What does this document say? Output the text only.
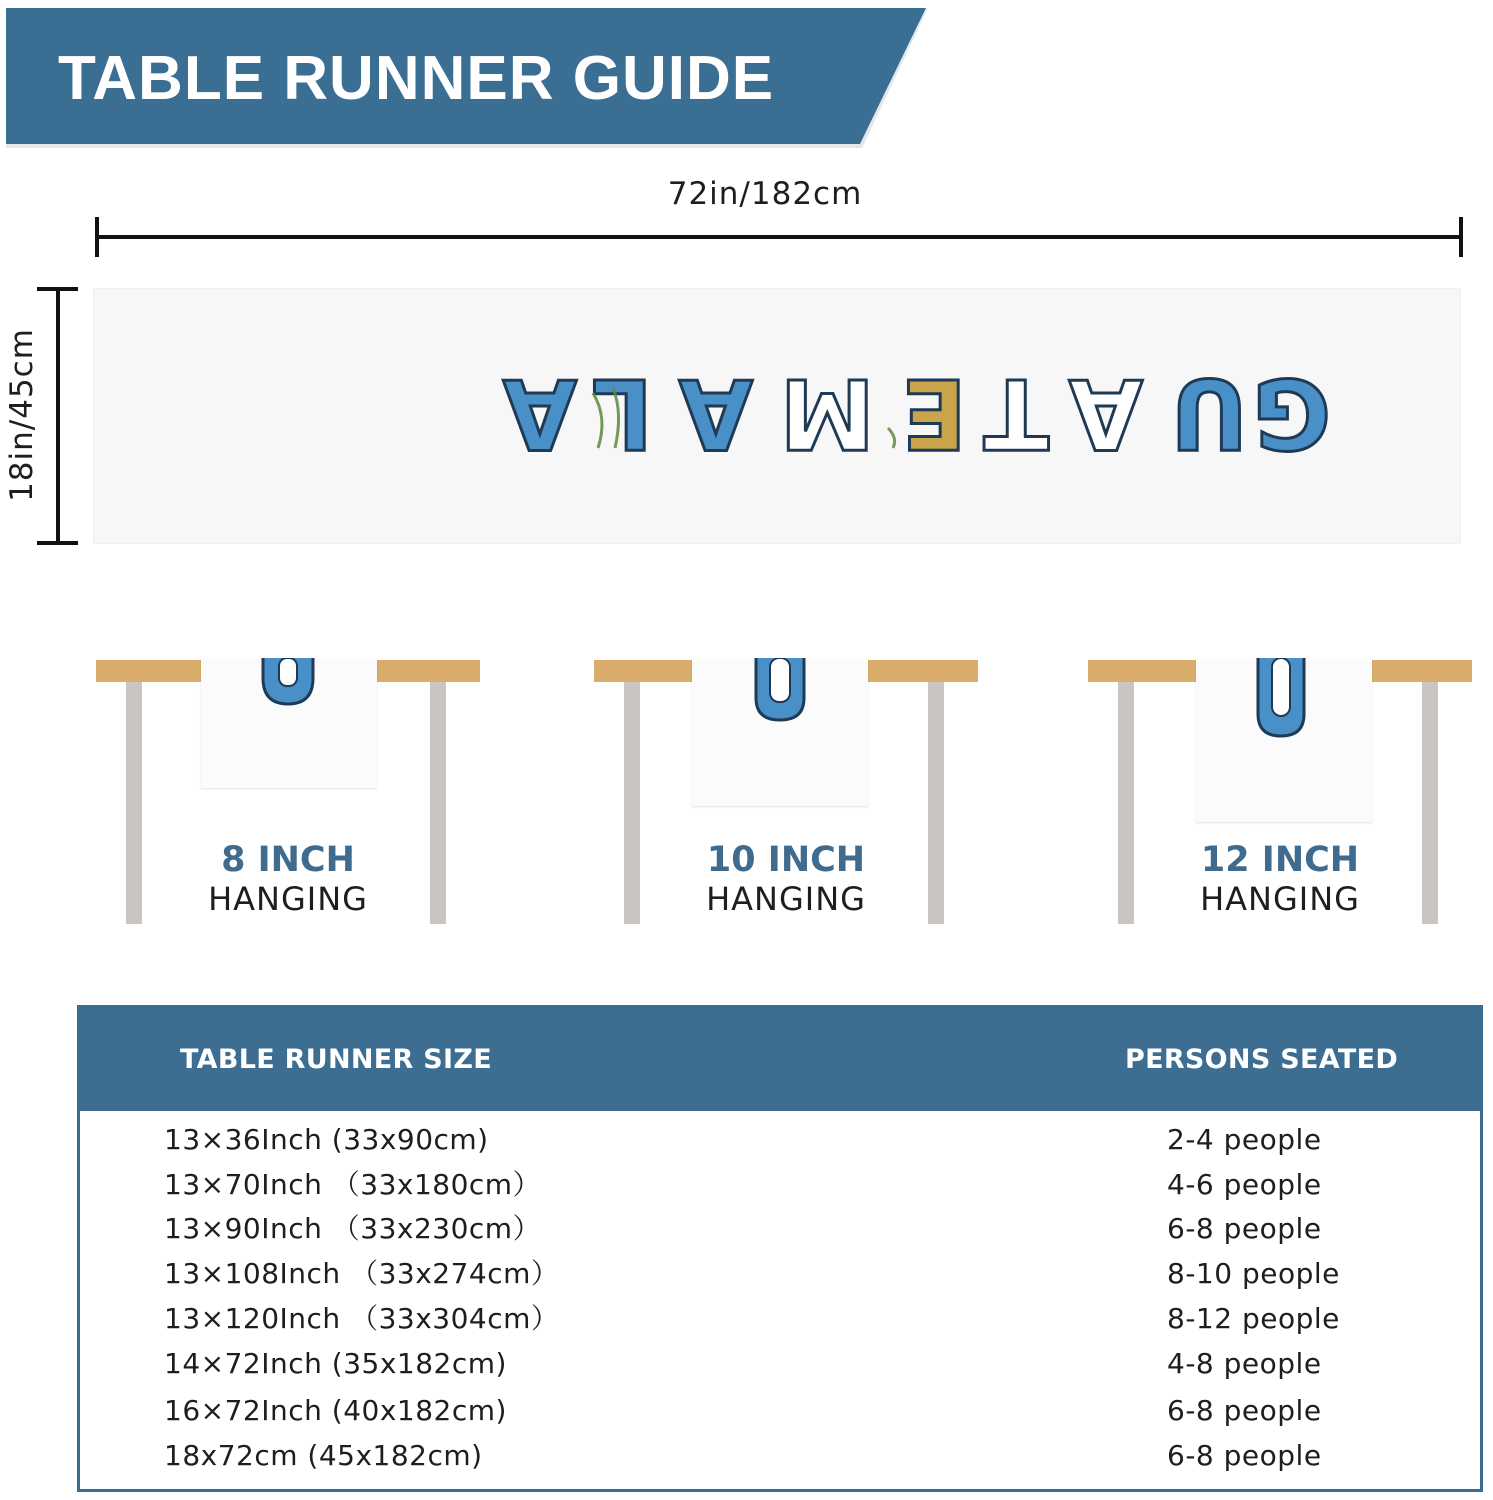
TABLE RUNNER GUIDE
72in/182cm
18in/45cm	GU
A
T
E
M
A
L
A
8 INCH
HANGING
10 INCH
HANGING
12 INCH
HANGING
TABLE RUNNER SIZE	PERSONS SEATED
13×36Inch (33x90cm)	2-4 people
13×70Inch （33x180cm）	4-6 people
13×90Inch （33x230cm）	6-8 people
13×108Inch （33x274cm）	8-10 people
13×120Inch （33x304cm）	8-12 people
14×72Inch (35x182cm)	4-8 people
16×72Inch (40x182cm)	6-8 people
18x72cm (45x182cm)	6-8 people
